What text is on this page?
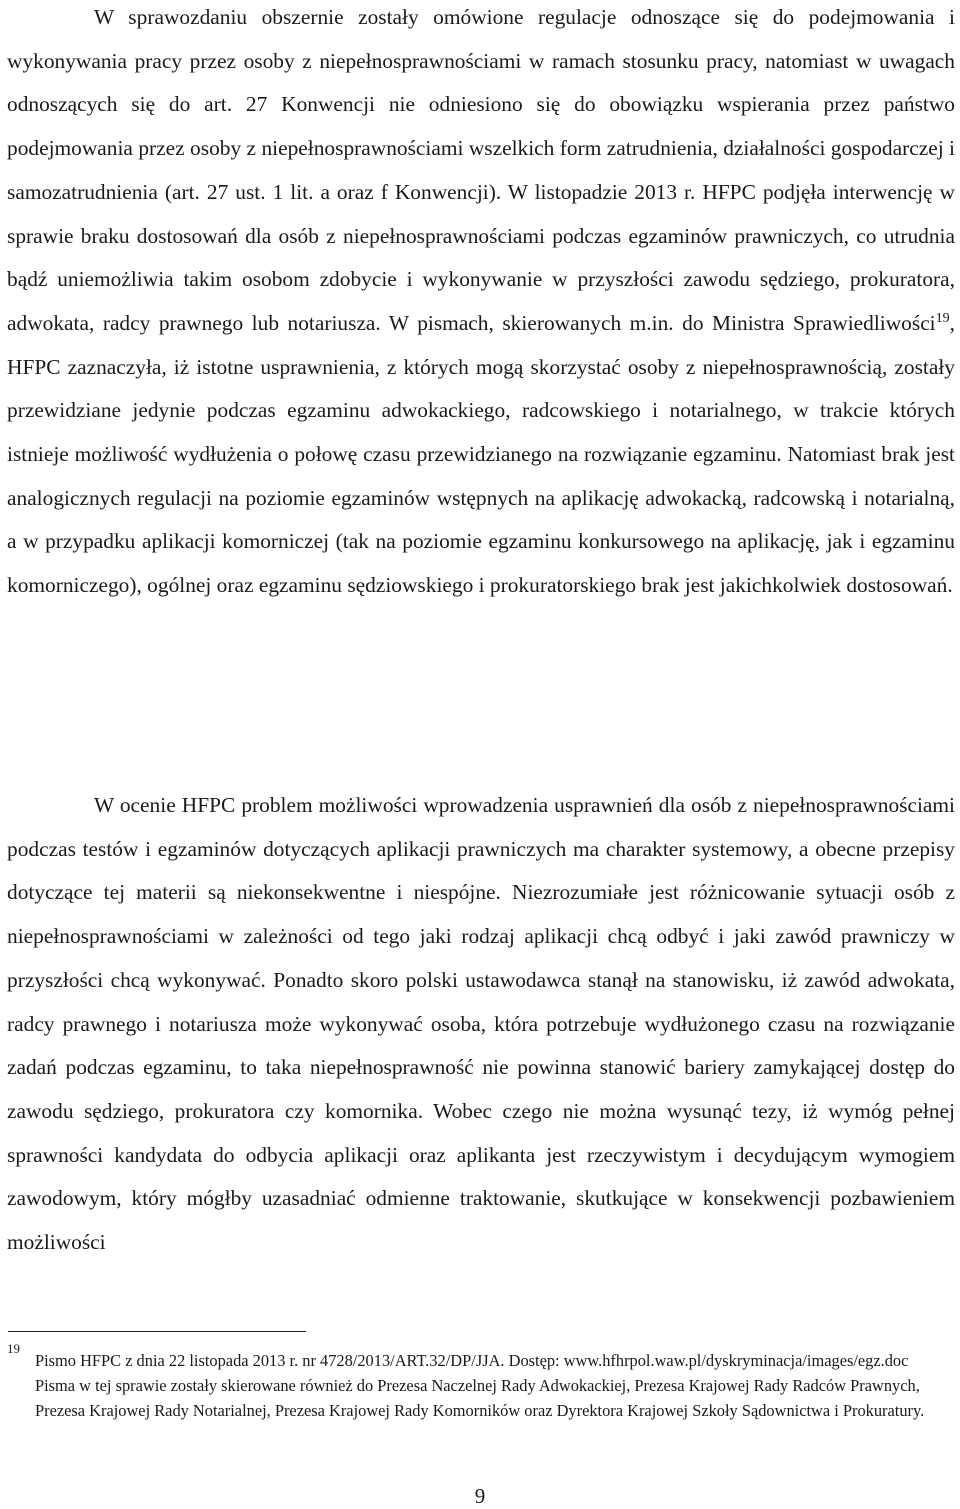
W sprawozdaniu obszernie zostały omówione regulacje odnoszące się do podejmowania i wykonywania pracy przez osoby z niepełnosprawnościami w ramach stosunku pracy, natomiast w uwagach odnoszących się do art. 27 Konwencji nie odniesiono się do obowiązku wspierania przez państwo podejmowania przez osoby z niepełnosprawnościami wszelkich form zatrudnienia, działalności gospodarczej i samozatrudnienia (art. 27 ust. 1 lit. a oraz f Konwencji). W listopadzie 2013 r. HFPC podjęła interwencję w sprawie braku dostosowań dla osób z niepełnosprawnościami podczas egzaminów prawniczych, co utrudnia bądź uniemożliwia takim osobom zdobycie i wykonywanie w przyszłości zawodu sędziego, prokuratora, adwokata, radcy prawnego lub notariusza. W pismach, skierowanych m.in. do Ministra Sprawiedliwości$^{19}$, HFPC zaznaczyła, iż istotne usprawnienia, z których mogą skorzystać osoby z niepełnosprawnością, zostały przewidziane jedynie podczas egzaminu adwokackiego, radcowskiego i notarialnego, w trakcie których istnieje możliwość wydłużenia o połowę czasu przewidzianego na rozwiązanie egzaminu. Natomiast brak jest analogicznych regulacji na poziomie egzaminów wstępnych na aplikację adwokacką, radcowską i notarialną, a w przypadku aplikacji komorniczej (tak na poziomie egzaminu konkursowego na aplikację, jak i egzaminu komorniczego), ogólnej oraz egzaminu sędziowskiego i prokuratorskiego brak jest jakichkolwiek dostosowań.

W ocenie HFPC problem możliwości wprowadzenia usprawnień dla osób z niepełnosprawnościami podczas testów i egzaminów dotyczących aplikacji prawniczych ma charakter systemowy, a obecne przepisy dotyczące tej materii są niekonsekwentne i niespójne. Niezrozumiałe jest różnicowanie sytuacji osób z niepełnosprawnościami w zależności od tego jaki rodzaj aplikacji chcą odbyć i jaki zawód prawniczy w przyszłości chcą wykonywać. Ponadto skoro polski ustawodawca stanął na stanowisku, iż zawód adwokata, radcy prawnego i notariusza może wykonywać osoba, która potrzebuje wydłużonego czasu na rozwiązanie zadań podczas egzaminu, to taka niepełnosprawność nie powinna stanowić bariery zamykającej dostęp do zawodu sędziego, prokuratora czy komornika. Wobec czego nie można wysunąć tezy, iż wymóg pełnej sprawności kandydata do odbycia aplikacji oraz aplikanta jest rzeczywistym i decydującym wymogiem zawodowym, który mógłby uzasadniać odmienne traktowanie, skutkujące w konsekwencji pozbawieniem możliwości

19

Pismo HFPC z dnia 22 listopada 2013 r. nr 4728/2013/ART.32/DP/JJA. Dostęp: www.hfhrpol.waw.pl/dyskryminacja/images/egz.doc Pisma w tej sprawie zostały skierowane również do Prezesa Naczelnej Rady Adwokackiej, Prezesa Krajowej Rady Radców Prawnych, Prezesa Krajowej Rady Notarialnej, Prezesa Krajowej Rady Komorników oraz Dyrektora Krajowej Szkoły Sądownictwa i Prokuratury.

9
